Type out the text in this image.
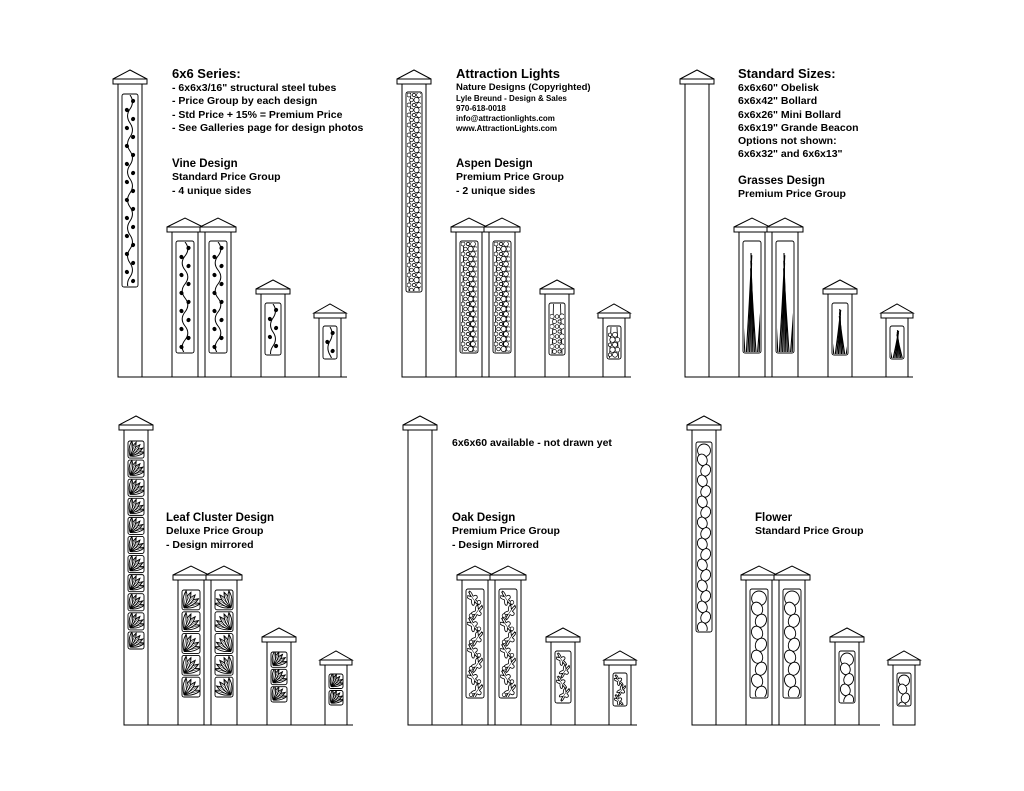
6x6 Series:
- 6x6x3/16" structural steel tubes
- Price Group by each design
- Std Price + 15% = Premium Price
- See Galleries page for design photos
Vine Design
Standard Price Group
- 4 unique sides
Attraction Lights
Nature Designs (Copyrighted)
Lyle Breund - Design & Sales
970-618-0018
info@attractionlights.com
www.AttractionLights.com
Aspen Design
Premium Price Group
- 2 unique sides
Standard Sizes:
6x6x60" Obelisk
6x6x42" Bollard
6x6x26" Mini Bollard
6x6x19" Grande Beacon
Options not shown:
6x6x32" and 6x6x13"
Grasses Design
Premium Price Group
Leaf Cluster Design
Deluxe Price Group
- Design mirrored
6x6x60 available - not drawn yet
Oak Design
Premium Price Group
- Design Mirrored
Flower
Standard Price Group
